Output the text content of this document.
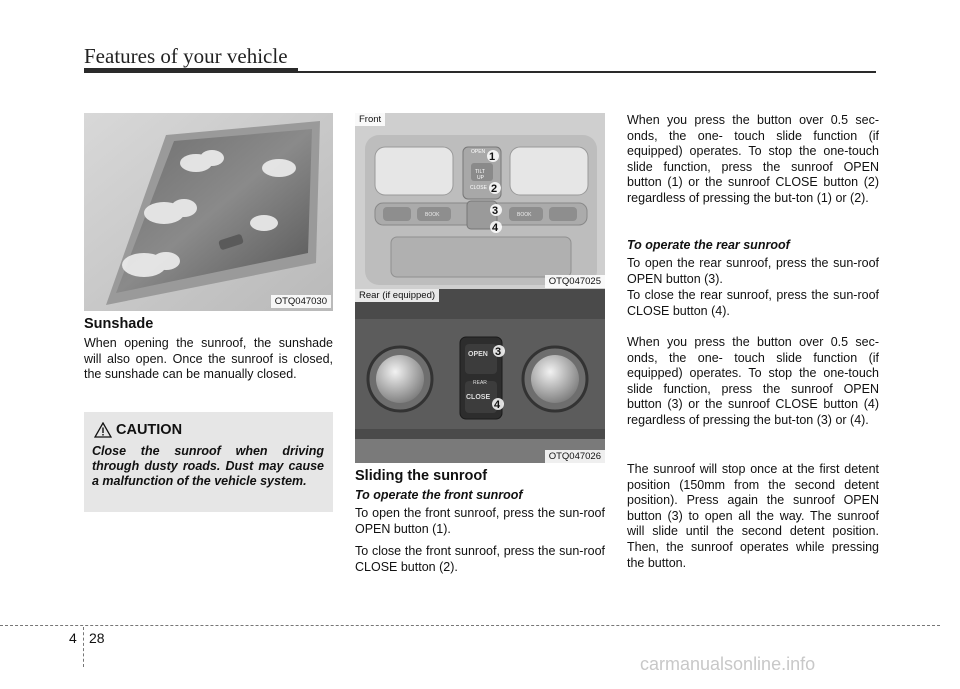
Features of your vehicle
OTQ047030
Sunshade

When opening the sunroof, the sunshade will also open. Once the sunroof is closed, the sunshade can be manually closed.

CAUTION

Close the sunroof when driving through dusty roads. Dust may cause a malfunction of the vehicle system.

TILT
UP
CLOSE
OPEN
BOOK	BOOK
1
2
3
4
Front
OTQ047025
OPEN
REAR
CLOSE
3
4
Rear (if equipped)
OTQ047026
Sliding the sunroof
To operate the front sunroof

To open the front sunroof, press the sun-roof OPEN button (1).

To close the front sunroof, press the sun-roof CLOSE button (2).

When you press the button over 0.5 sec-onds, the one- touch slide function (if equipped) operates. To stop the one-touch slide function, press the sunroof OPEN button (1) or the sunroof CLOSE button (2) regardless of pressing the but-ton (1) or (2).

To operate the rear sunroof

To open the rear sunroof, press the sun-roof OPEN button (3).

To close the rear sunroof, press the sun-roof CLOSE button (4).

When you press the button over 0.5 sec-onds, the one- touch slide function (if equipped) operates. To stop the one-touch slide function, press the sunroof OPEN button (3) or the sunroof CLOSE button (4) regardless of pressing the but-ton (3) or (4).

The sunroof will stop once at the first detent position (150mm from the second detent position). Press again the sunroof OPEN button (3) to open all the way. The sunroof will slide until the second detent position. Then, the sunroof operates while pressing the button.

4 28
carmanualsonline.info
